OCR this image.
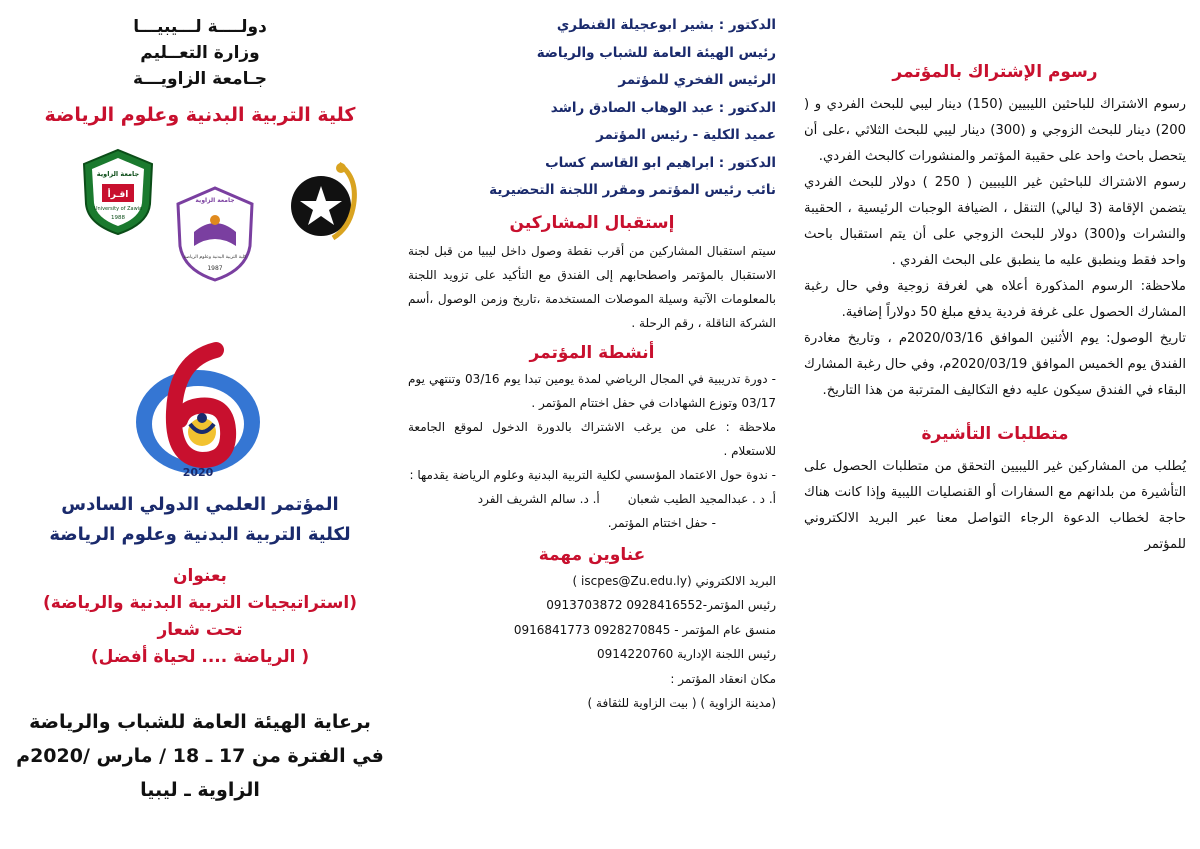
رسوم الإشتراك بالمؤتمر

رسوم الاشتراك للباحثين الليبيين (150) دينار ليبي للبحث الفردي و ( 200) دينار للبحث الزوجي و (300) دينار ليبي للبحث الثلاثي ،على أن يتحصل باحث واحد على حقيبة المؤتمر والمنشورات كالبحث الفردي.

رسوم الاشتراك للباحثين غير الليبيين ( 250 ) دولار للبحث الفردي يتضمن الإقامة (3 ليالي) التنقل ، الضيافة الوجبات الرئيسية ، الحقيبة والنشرات و(300) دولار للبحث الزوجي على أن يتم استقبال باحث واحد فقط وينطبق عليه ما ينطبق على البحث الفردي .

ملاحظة: الرسوم المذكورة أعلاه هي لغرفة زوجية وفي حال رغبة المشارك الحصول على غرفة فردية يدفع مبلغ 50 دولاراً إضافية.

تاريخ الوصول: يوم الأثنين الموافق 2020/03/16م ، وتاريخ مغادرة الفندق يوم الخميس الموافق 2020/03/19م، وفي حال رغبة المشارك البقاء في الفندق سيكون عليه دفع التكاليف المترتبة من هذا التاريخ.

متطلبات التأشيرة

يُطلب من المشاركين غير الليبيين التحقق من متطلبات الحصول على التأشيرة من بلدانهم مع السفارات أو القنصليات الليبية وإذا كانت هناك حاجة لخطاب الدعوة الرجاء التواصل معنا عبر البريد الالكتروني للمؤتمر

الدكتور : بشير ابوعجيلة القنطري
رئيس الهيئة العامة للشباب والرياضة
الرئيس الفخري للمؤتمر
الدكتور : عبد الوهاب الصادق راشد
عميد الكلية - رئيس المؤتمر
الدكتور : ابراهيم ابو القاسم كساب
نائب رئيس المؤتمر ومقرر اللجنة التحضيرية
إستقبال المشاركين

سيتم استقبال المشاركين من أقرب نقطة وصول داخل ليبيا من قبل لجنة الاستقبال بالمؤتمر واصطحابهم إلى الفندق مع التأكيد على تزويد اللجنة بالمعلومات الآتية وسيلة الموصلات المستخدمة ،تاريخ وزمن الوصول ،أسم الشركة الناقلة ، رقم الرحلة .

أنشطة المؤتمر

- دورة تدريبية في المجال الرياضي لمدة يومين تبدا يوم 03/16 وتنتهي يوم 03/17 وتوزع الشهادات في حفل اختتام المؤتمر .

ملاحظة : على من يرغب الاشتراك بالدورة الدخول لموقع الجامعة للاستعلام .

- ندوة حول الاعتماد المؤسسي لكلية التربية البدنية وعلوم الرياضة يقدمها :

أ. د . عبدالمجيد الطيب شعبان
أ. د. سالم الشريف الفرد

- حفل اختتام المؤتمر.

عناوين مهمة
البريد الالكتروني (iscpes@Zu.edu.ly )
رئيس المؤتمر-0928416552 0913703872
منسق عام المؤتمر - 0928270845 0916841773
رئيس اللجنة الإدارية 0914220760
مكان انعقاد المؤتمر :
(مدينة الزاوية ) ( بيت الزاوية للثقافة )
دولــــة لـــيبيـــا
وزارة التعــليم
جـامعة الزاويـــة
كلية التربية البدنية وعلوم الرياضة
اقـرأ
جامعة الزاوية
University of Zawia
1988
جامعة الزاوية
كلية التربية البدنية وعلوم الرياضة
1987
2020
المؤتمر العلمي الدولي السادس
لكلية التربية البدنية وعلوم الرياضة
بعنوان
(استراتيجيات التربية البدنية والرياضة)
تحت شعار
( الرياضة .... لحياة أفضل)
برعاية الهيئة العامة للشباب والرياضة
في الفترة من 17 ـ 18 / مارس /2020م
الزاوية ـ ليبيا
